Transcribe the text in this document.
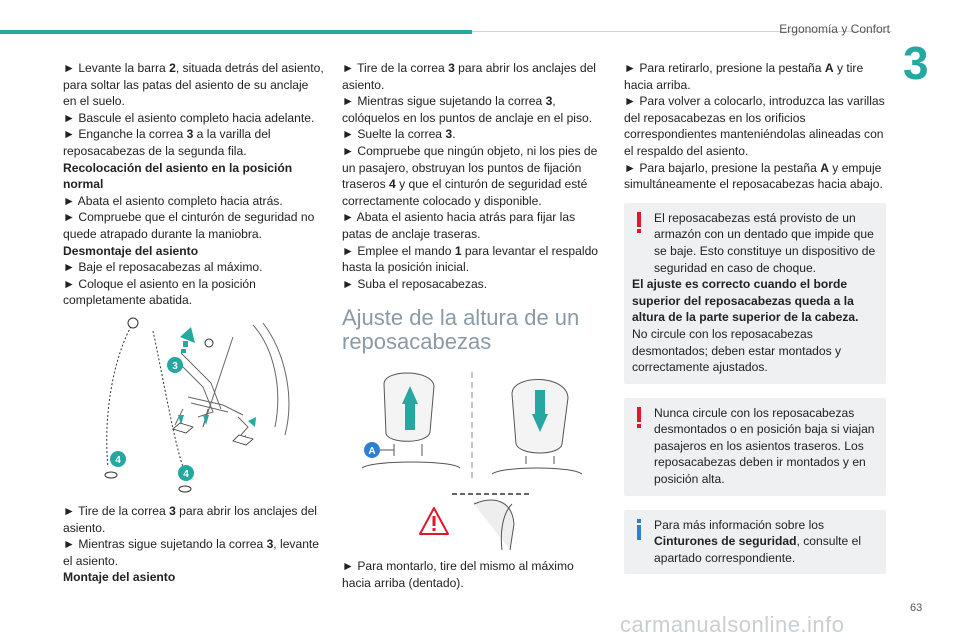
Ergonomía y Confort
3

► Levante la barra 2, situada detrás del asiento, para soltar las patas del asiento de su anclaje en el suelo.

► Bascule el asiento completo hacia adelante.

► Enganche la correa 3 a la varilla del reposacabezas de la segunda fila.

Recolocación del asiento en la posición normal

► Abata el asiento completo hacia atrás.

► Compruebe que el cinturón de seguridad no quede atrapado durante la maniobra.

Desmontaje del asiento

► Baje el reposacabezas al máximo.

► Coloque el asiento en la posición completamente abatida.

3
4
4

► Tire de la correa 3 para abrir los anclajes del asiento.

► Mientras sigue sujetando la correa 3, levante el asiento.

Montaje del asiento

► Tire de la correa 3 para abrir los anclajes del asiento.

► Mientras sigue sujetando la correa 3, colóquelos en los puntos de anclaje en el piso.

► Suelte la correa 3.

► Compruebe que ningún objeto, ni los pies de un pasajero, obstruyan los puntos de fijación traseros 4 y que el cinturón de seguridad esté correctamente colocado y disponible.

► Abata el asiento hacia atrás para fijar las patas de anclaje traseras.

► Emplee el mando 1 para levantar el respaldo hasta la posición inicial.

► Suba el reposacabezas.

Ajuste de la altura de un reposacabezas
A

► Para montarlo, tire del mismo al máximo hacia arriba (dentado).

► Para retirarlo, presione la pestaña A y tire hacia arriba.

► Para volver a colocarlo, introduzca las varillas del reposacabezas en los orificios correspondientes manteniéndolas alineadas con el respaldo del asiento.

► Para bajarlo, presione la pestaña A y empuje simultáneamente el reposacabezas hacia abajo.

El reposacabezas está provisto de un armazón con un dentado que impide que se baje. Esto constituye un dispositivo de seguridad en caso de choque.

El ajuste es correcto cuando el borde superior del reposacabezas queda a la altura de la parte superior de la cabeza.

No circule con los reposacabezas desmontados; deben estar montados y correctamente ajustados.

Nunca circule con los reposacabezas desmontados o en posición baja si viajan pasajeros en los asientos traseros. Los reposacabezas deben ir montados y en posición alta.

Para más información sobre los Cinturones de seguridad, consulte el apartado correspondiente.

63
carmanualsonline.info
